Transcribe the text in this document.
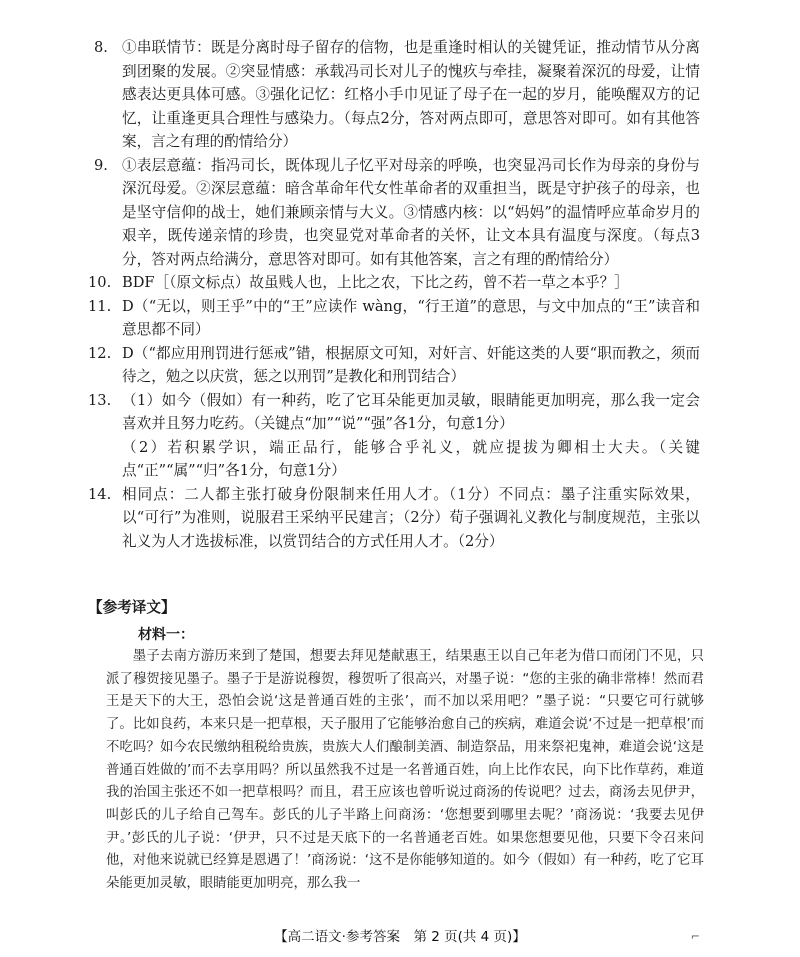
8. ①串联情节：既是分离时母子留存的信物，也是重逢时相认的关键凭证，推动情节从分离到团聚的发展。②突显情感：承载冯司长对儿子的愧疚与牵挂，凝聚着深沉的母爱，让情感表达更具体可感。③强化记忆：红格小手巾见证了母子在一起的岁月，能唤醒双方的记忆，让重逢更具合理性与感染力。（每点2分，答对两点即可，意思答对即可。如有其他答案，言之有理的酌情给分）

9. ①表层意蕴：指冯司长，既体现儿子忆平对母亲的呼唤，也突显冯司长作为母亲的身份与深沉母爱。②深层意蕴：暗含革命年代女性革命者的双重担当，既是守护孩子的母亲，也是坚守信仰的战士，她们兼顾亲情与大义。③情感内核：以“妈妈”的温情呼应革命岁月的艰辛，既传递亲情的珍贵，也突显党对革命者的关怀，让文本具有温度与深度。（每点3分，答对两点给满分，意思答对即可。如有其他答案，言之有理的酌情给分）

10. BDF［（原文标点）故虽贱人也，上比之农，下比之药，曾不若一草之本乎？］

11. D（“无以，则王乎”中的“王”应读作 wàng，“行王道”的意思，与文中加点的“王”读音和意思都不同）

12. D（“都应用刑罚进行惩戒”错，根据原文可知，对奸言、奸能这类的人要“职而教之，须而待之，勉之以庆赏，惩之以刑罚”是教化和刑罚结合）

13. （1）如今（假如）有一种药，吃了它耳朵能更加灵敏，眼睛能更加明亮，那么我一定会喜欢并且努力吃药。（关键点“加”“说”“强”各1分，句意1分）

（2）若积累学识，端正品行，能够合乎礼义，就应提拔为卿相士大夫。（关键点“正”“属”“归”各1分，句意1分）

14. 相同点：二人都主张打破身份限制来任用人才。（1分）不同点：墨子注重实际效果，以“可行”为准则，说服君王采纳平民建言；（2分）荀子强调礼义教化与制度规范，主张以礼义为人才选拔标准，以赏罚结合的方式任用人才。（2分）

【参考译文】
材料一：

墨子去南方游历来到了楚国，想要去拜见楚献惠王，结果惠王以自己年老为借口而闭门不见，只派了穆贺接见墨子。墨子于是游说穆贺，穆贺听了很高兴，对墨子说：“您的主张的确非常棒！然而君王是天下的大王，恐怕会说‘这是普通百姓的主张’，而不加以采用吧？”墨子说：“只要它可行就够了。比如良药，本来只是一把草根，天子服用了它能够治愈自己的疾病，难道会说‘不过是一把草根’而不吃吗？如今农民缴纳租税给贵族，贵族大人们酿制美酒、制造祭品，用来祭祀鬼神，难道会说‘这是普通百姓做的’而不去享用吗？所以虽然我不过是一名普通百姓，向上比作农民，向下比作草药，难道我的治国主张还不如一把草根吗？而且，君王应该也曾听说过商汤的传说吧？过去，商汤去见伊尹，叫彭氏的儿子给自己驾车。彭氏的儿子半路上问商汤：‘您想要到哪里去呢？’商汤说：‘我要去见伊尹。’彭氏的儿子说：‘伊尹，只不过是天底下的一名普通老百姓。如果您想要见他，只要下令召来问他，对他来说就已经算是恩遇了！’商汤说：‘这不是你能够知道的。如今（假如）有一种药，吃了它耳朵能更加灵敏，眼睛能更加明亮，那么我一

【高二语文·参考答案　第 2 页(共 4 页)】	⌐
